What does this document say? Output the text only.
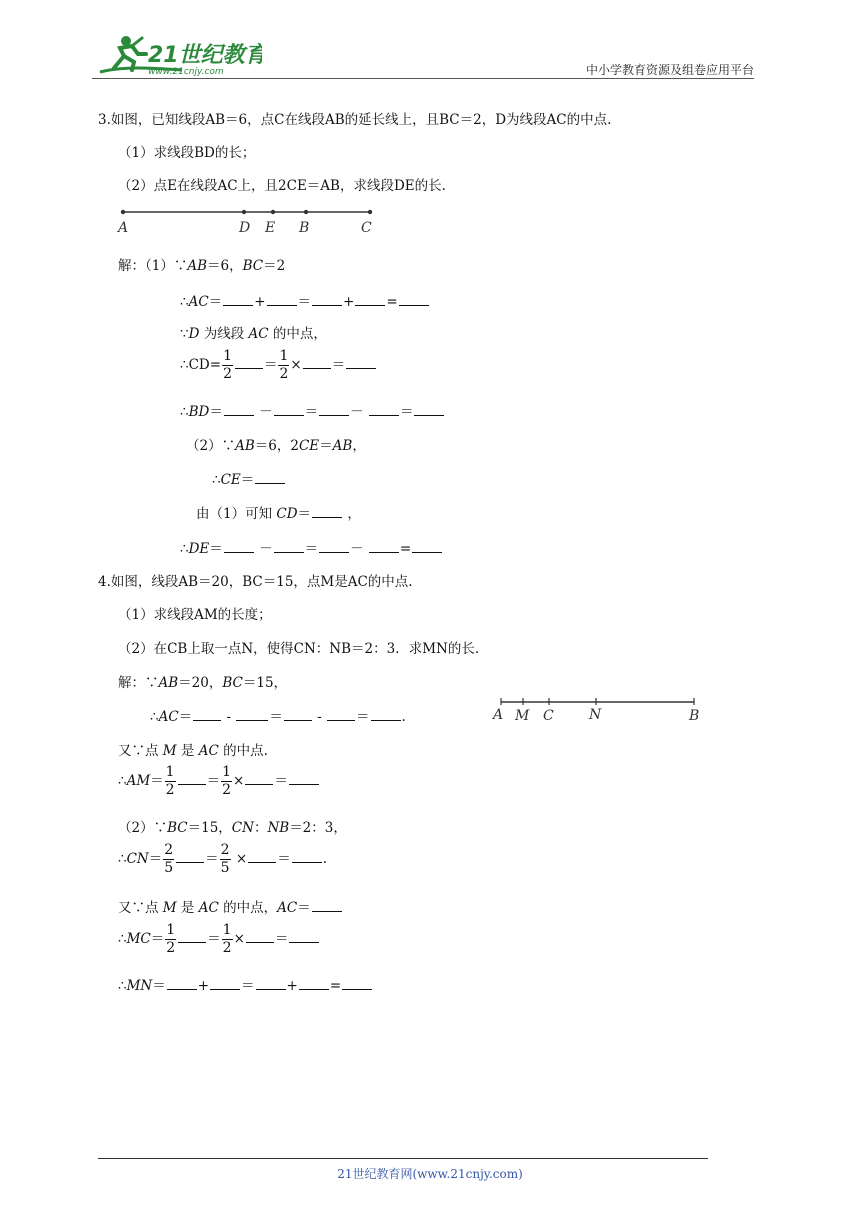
21世纪教育
www.21cnjy.com	中小学教育资源及组卷应用平台
3.如图，已知线段AB＝6，点C在线段AB的延长线上，且BC＝2，D为线段AC的中点.
（1）求线段BD的长；
（2）点E在线段AC上，且2CE＝AB，求线段DE的长.
A	D E B	C
解：（1）∵AB＝6，BC＝2
∴AC＝ + ＝ + =
∵D 为线段 AC 的中点，
∴CD= $\frac{1}{2} = \frac{1}{2}$ × ＝
∴BD＝ － ＝ － ＝
（2）∵AB＝6，2CE＝AB，
∴CE＝
由（1）可知 CD＝ ，
∴DE＝ － ＝ － =
4.如图，线段AB＝20，BC＝15，点M是AC的中点.
（1）求线段AM的长度；
（2）在CB上取一点N，使得CN：NB＝2：3．求MN的长.
解：∵AB＝20，BC＝15，
∴AC＝ -	＝ - ＝ .	A M C	N	B
又∵点 M 是 AC 的中点.
∴AM＝ $\frac{1}{2} = \frac{1}{2}$ × ＝
（2）∵BC＝15，CN：NB＝2：3，
∴CN＝ $\frac{2}{5} = \frac{2}{5}$ × ＝ .
又∵点 M 是 AC 的中点，AC＝
∴MC＝ $\frac{1}{2} = \frac{1}{2}$ × ＝
∴MN＝ + ＝ + =
21世纪教育网(www.21cnjy.com)
